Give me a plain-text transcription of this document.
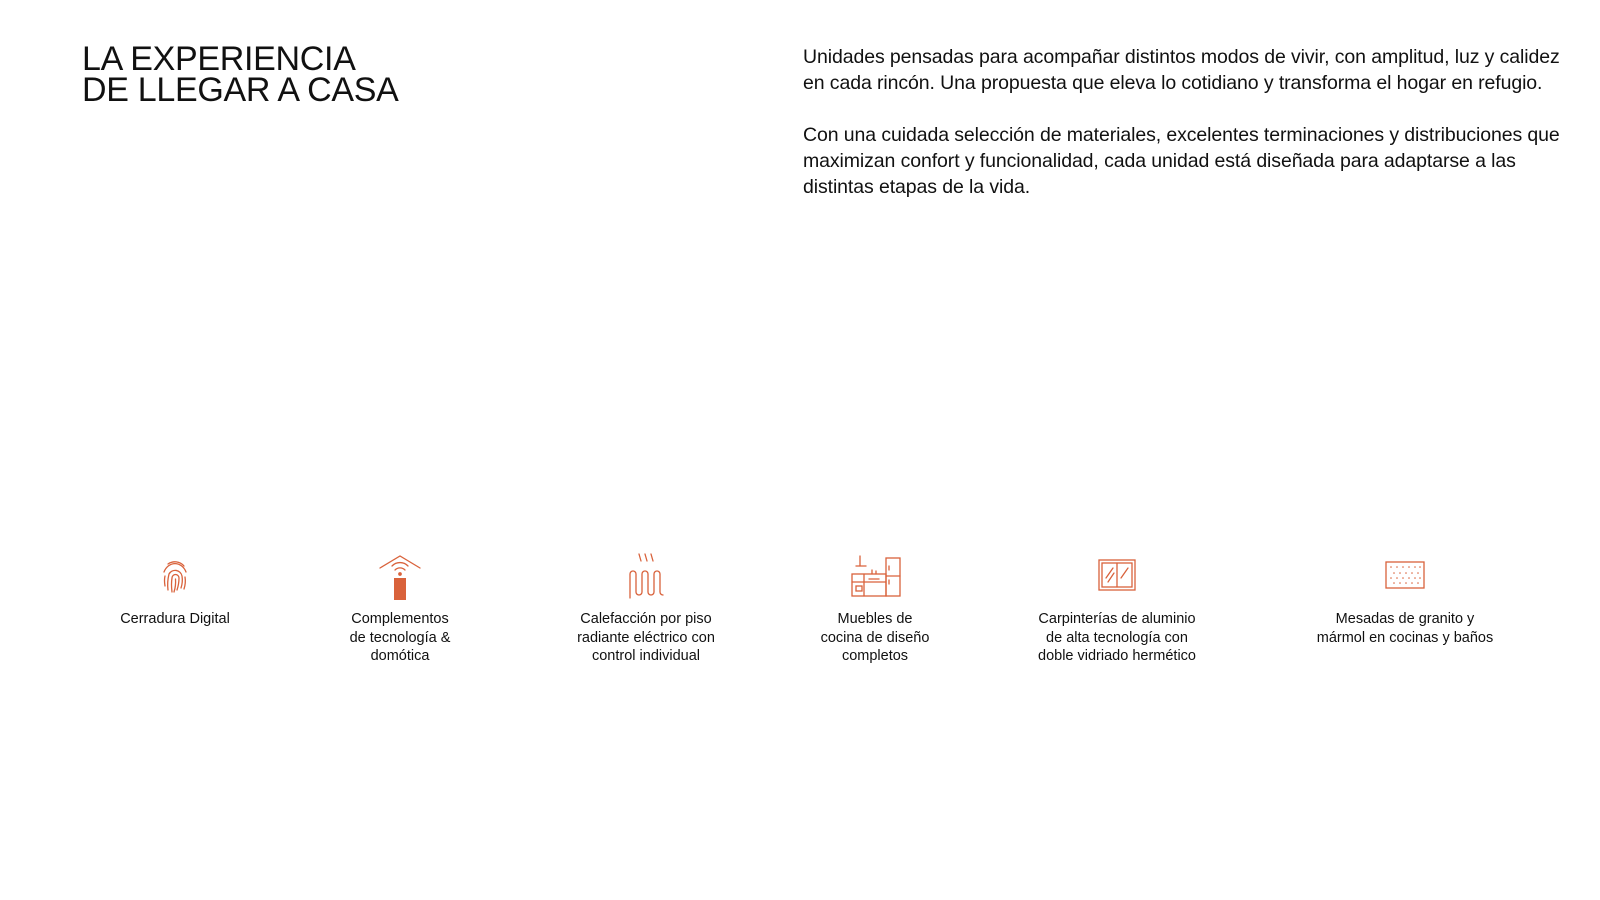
LA EXPERIENCIA
DE LLEGAR A CASA

Unidades pensadas para acompañar distintos modos de vivir, con amplitud, luz y calidez en cada rincón. Una propuesta que eleva lo cotidiano y transforma el hogar en refugio.

Con una cuidada selección de materiales, excelentes terminaciones y distribuciones que maximizan confort y funcionalidad, cada unidad está diseñada para adaptarse a las distintas etapas de la vida.

Cerradura Digital	Complementos
de tecnología &
domótica
Calefacción por piso
radiante eléctrico con
control individual
Muebles de
cocina de diseño
completos
Carpinterías de aluminio
de alta tecnología con
doble vidriado hermético
Mesadas de granito y
mármol en cocinas y baños
